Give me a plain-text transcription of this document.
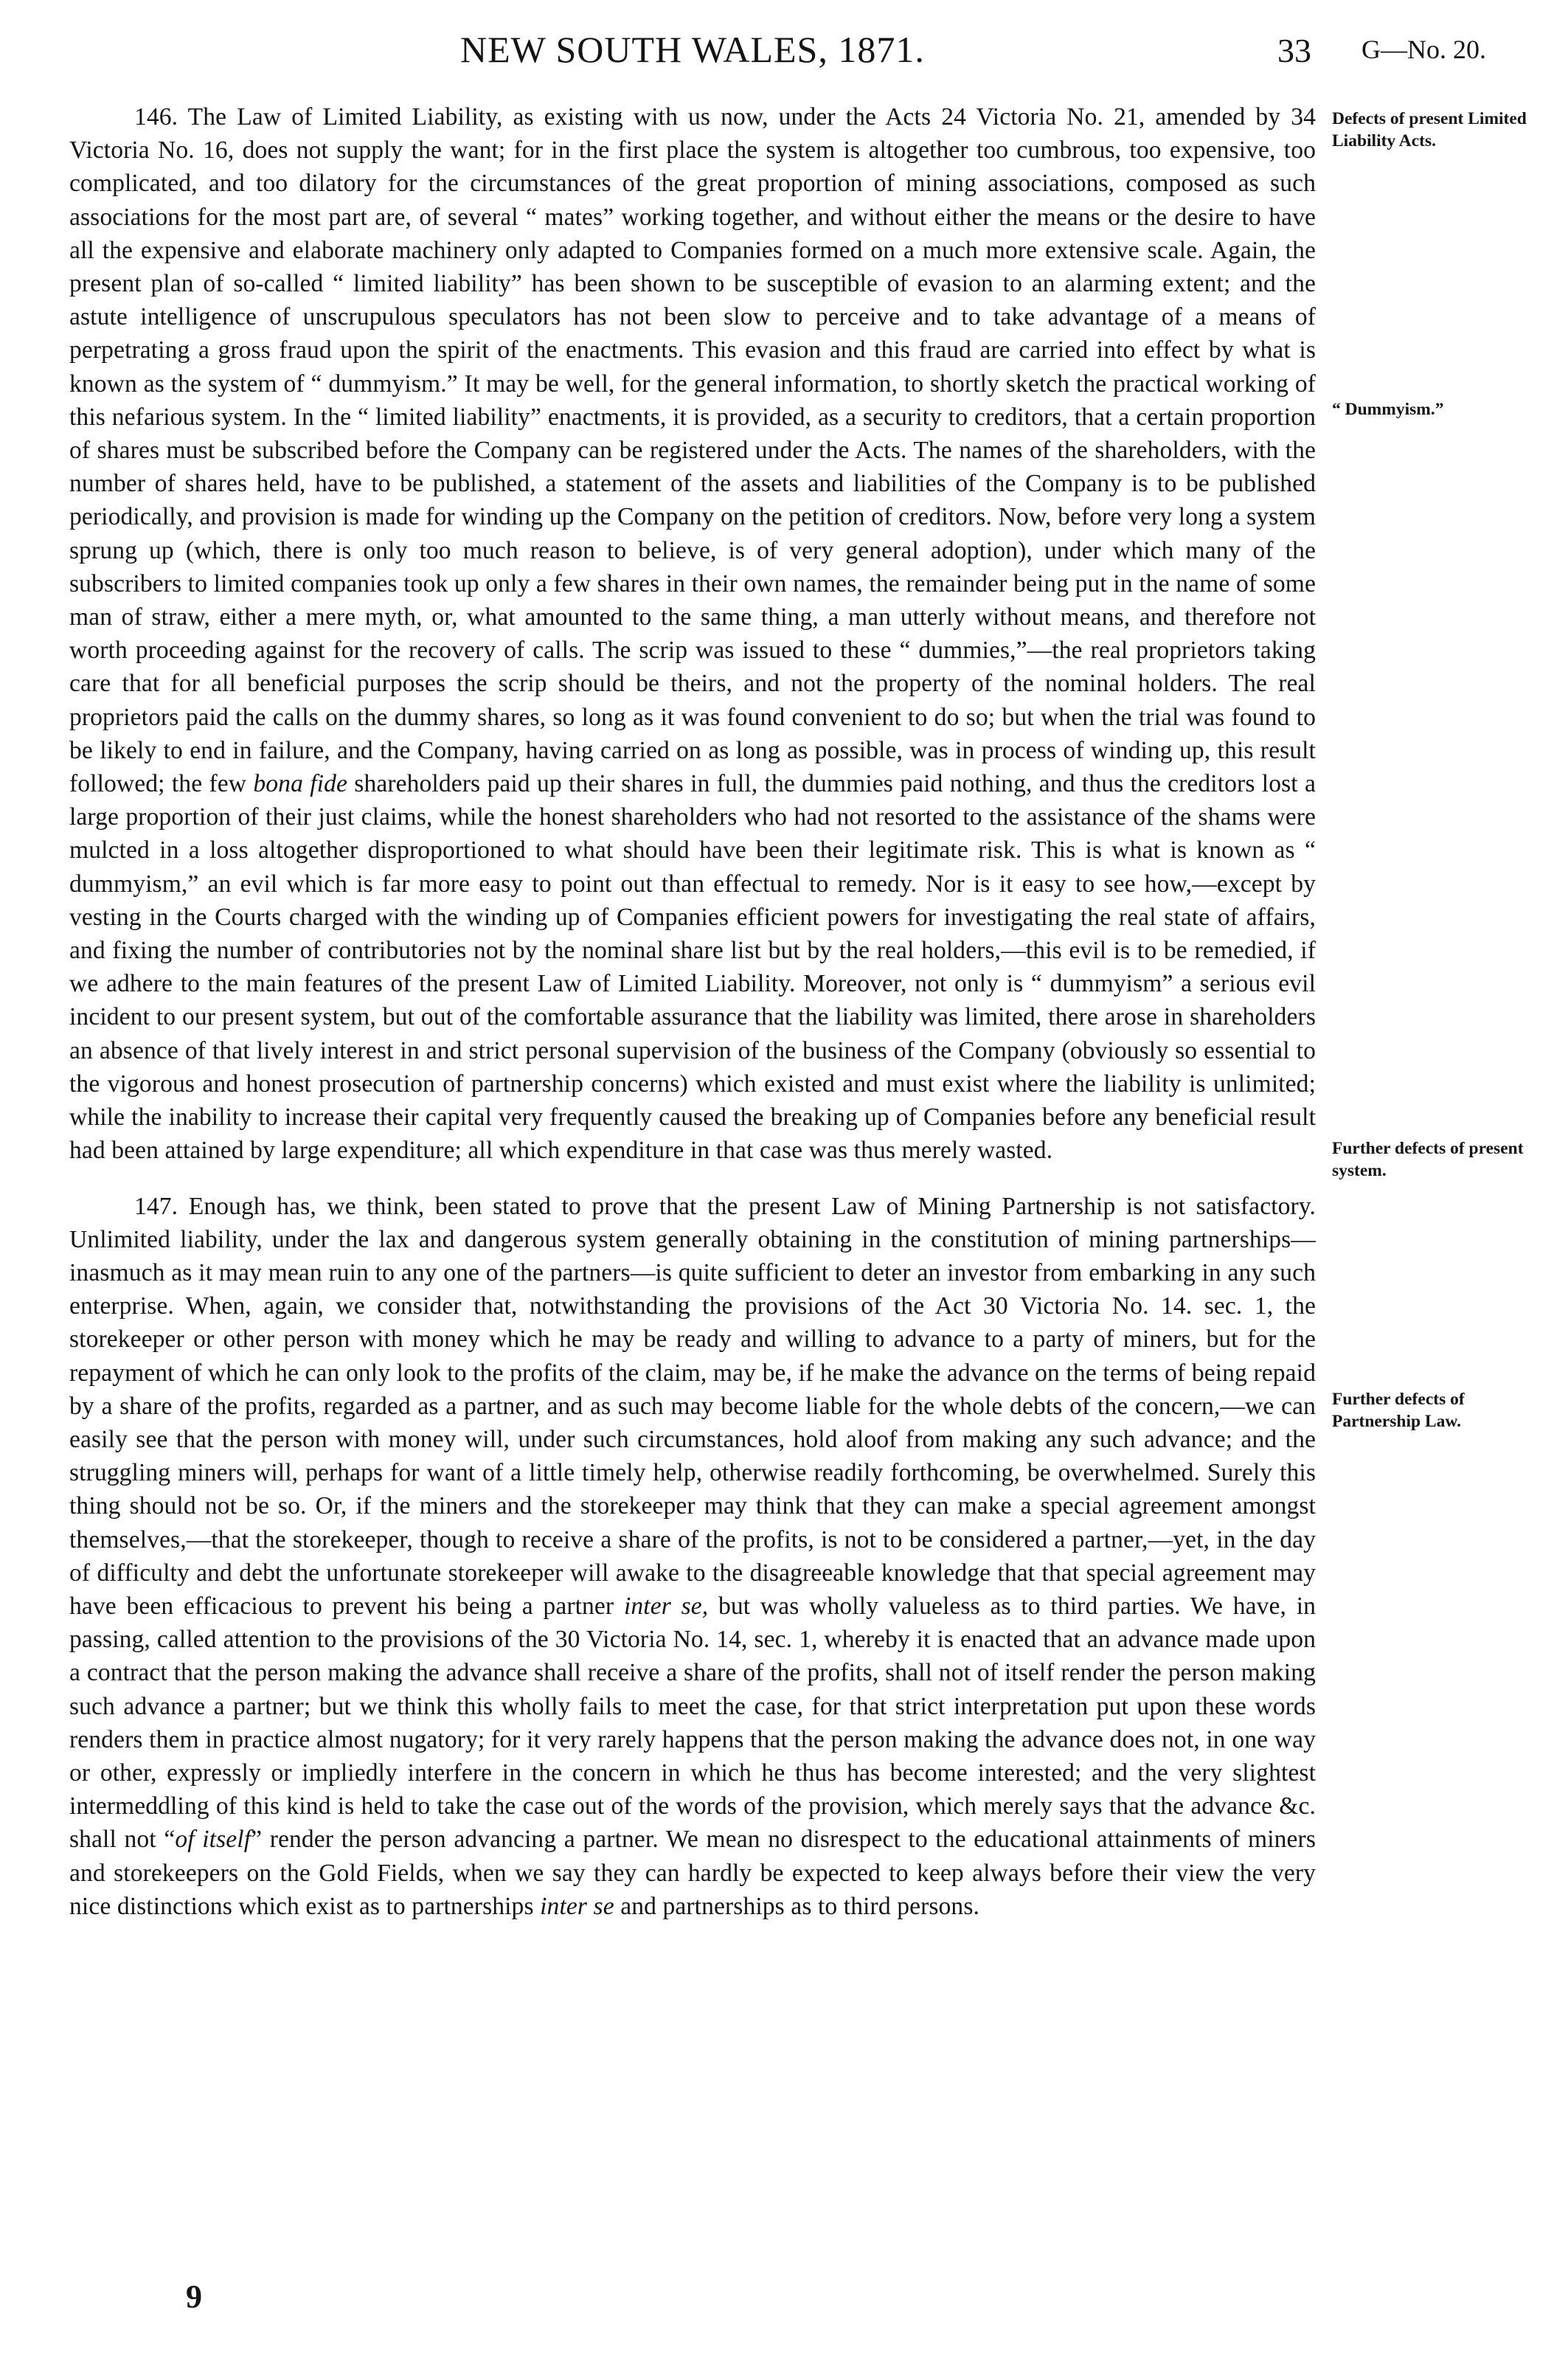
NEW SOUTH WALES, 1871.	33 G—No. 20.

146. The Law of Limited Liability, as existing with us now, under the Acts 24 Victoria No. 21, amended by 34 Victoria No. 16, does not supply the want; for in the first place the system is altogether too cumbrous, too expensive, too complicated, and too dilatory for the circumstances of the great proportion of mining associations, composed as such associations for the most part are, of several “ mates” working together, and without either the means or the desire to have all the expensive and elaborate machinery only adapted to Companies formed on a much more extensive scale. Again, the present plan of so-called “ limited liability” has been shown to be susceptible of evasion to an alarming extent; and the astute intelligence of unscrupulous speculators has not been slow to perceive and to take advantage of a means of perpetrating a gross fraud upon the spirit of the enactments. This evasion and this fraud are carried into effect by what is known as the system of “ dummyism.” It may be well, for the general information, to shortly sketch the practical working of this nefarious system. In the “ limited liability” enactments, it is provided, as a security to creditors, that a certain proportion of shares must be subscribed before the Company can be registered under the Acts. The names of the shareholders, with the number of shares held, have to be published, a statement of the assets and liabilities of the Company is to be published periodically, and provision is made for winding up the Company on the petition of creditors. Now, before very long a system sprung up (which, there is only too much reason to believe, is of very general adoption), under which many of the subscribers to limited companies took up only a few shares in their own names, the remainder being put in the name of some man of straw, either a mere myth, or, what amounted to the same thing, a man utterly without means, and therefore not worth proceeding against for the recovery of calls. The scrip was issued to these “ dummies,”—the real proprietors taking care that for all beneficial purposes the scrip should be theirs, and not the property of the nominal holders. The real proprietors paid the calls on the dummy shares, so long as it was found convenient to do so; but when the trial was found to be likely to end in failure, and the Company, having carried on as long as possible, was in process of winding up, this result followed; the few bona fide shareholders paid up their shares in full, the dummies paid nothing, and thus the creditors lost a large proportion of their just claims, while the honest shareholders who had not resorted to the assistance of the shams were mulcted in a loss altogether disproportioned to what should have been their legitimate risk. This is what is known as “ dummyism,” an evil which is far more easy to point out than effectual to remedy. Nor is it easy to see how,—except by vesting in the Courts charged with the winding up of Companies efficient powers for investigating the real state of affairs, and fixing the number of contributories not by the nominal share list but by the real holders,—this evil is to be remedied, if we adhere to the main features of the present Law of Limited Liability. Moreover, not only is “ dummyism” a serious evil incident to our present system, but out of the comfortable assurance that the liability was limited, there arose in shareholders an absence of that lively interest in and strict personal supervision of the business of the Company (obviously so essential to the vigorous and honest prosecution of partnership concerns) which existed and must exist where the liability is unlimited; while the inability to increase their capital very frequently caused the breaking up of Companies before any beneficial result had been attained by large expenditure; all which expenditure in that case was thus merely wasted.

147. Enough has, we think, been stated to prove that the present Law of Mining Partnership is not satisfactory. Unlimited liability, under the lax and dangerous system generally obtaining in the constitution of mining partnerships—inasmuch as it may mean ruin to any one of the partners—is quite sufficient to deter an investor from embarking in any such enterprise. When, again, we consider that, notwithstanding the provisions of the Act 30 Victoria No. 14. sec. 1, the storekeeper or other person with money which he may be ready and willing to advance to a party of miners, but for the repayment of which he can only look to the profits of the claim, may be, if he make the advance on the terms of being repaid by a share of the profits, regarded as a partner, and as such may become liable for the whole debts of the concern,—we can easily see that the person with money will, under such circumstances, hold aloof from making any such advance; and the struggling miners will, perhaps for want of a little timely help, otherwise readily forthcoming, be overwhelmed. Surely this thing should not be so. Or, if the miners and the storekeeper may think that they can make a special agreement amongst themselves,—that the storekeeper, though to receive a share of the profits, is not to be considered a partner,—yet, in the day of difficulty and debt the unfortunate storekeeper will awake to the disagreeable knowledge that that special agreement may have been efficacious to prevent his being a partner inter se, but was wholly valueless as to third parties. We have, in passing, called attention to the provisions of the 30 Victoria No. 14, sec. 1, whereby it is enacted that an advance made upon a contract that the person making the advance shall receive a share of the profits, shall not of itself render the person making such advance a partner; but we think this wholly fails to meet the case, for that strict interpretation put upon these words renders them in practice almost nugatory; for it very rarely happens that the person making the advance does not, in one way or other, expressly or impliedly interfere in the concern in which he thus has become interested; and the very slightest intermeddling of this kind is held to take the case out of the words of the provision, which merely says that the advance &c. shall not “of itself” render the person advancing a partner. We mean no disrespect to the educational attainments of miners and storekeepers on the Gold Fields, when we say they can hardly be expected to keep always before their view the very nice distinctions which exist as to partnerships inter se and partnerships as to third persons.

Defects of present Limited Liability Acts.
“ Dummyism.”
Further defects of present system.
Further defects of Partnership Law.
9
